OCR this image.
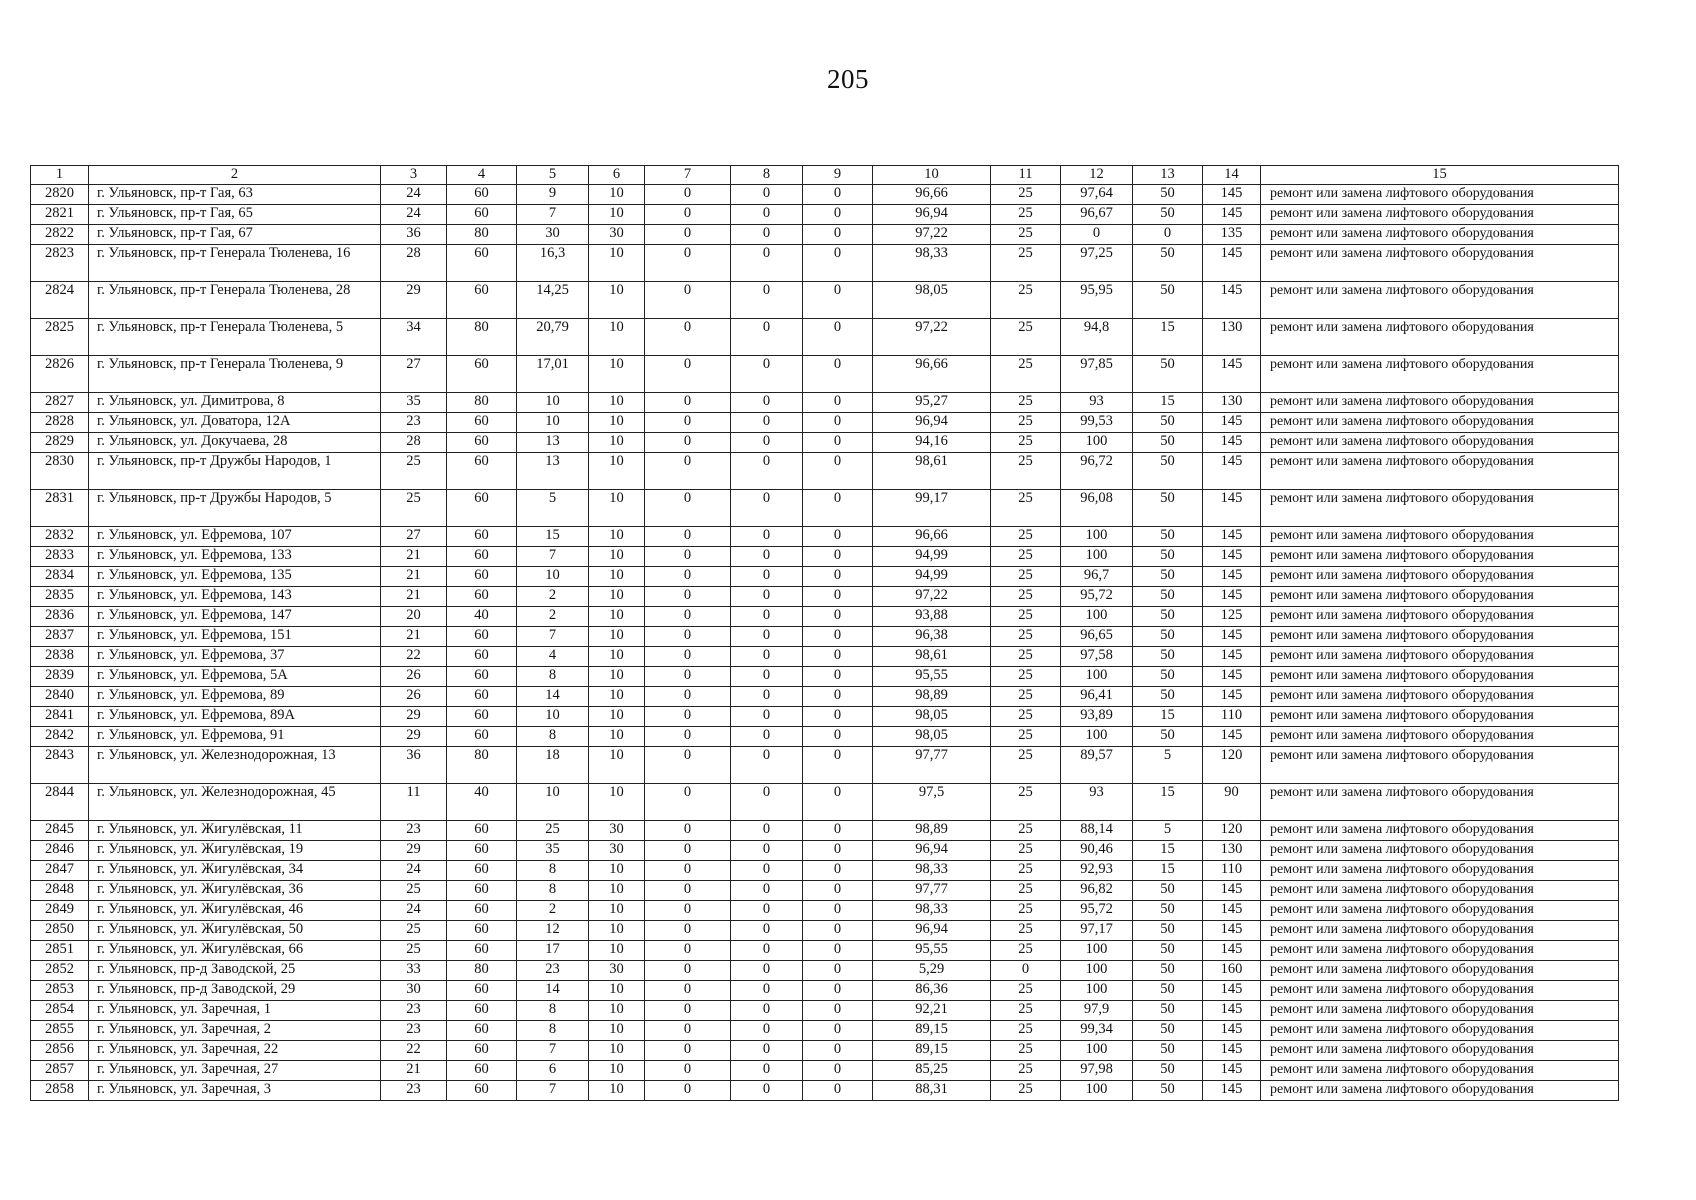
205
1	2	3	4	5	6	7	8	9	10	11	12	13	14	15
2820	г. Ульяновск, пр-т Гая, 63	24	60	9	10	0	0	0	96,66	25	97,64	50	145	ремонт или замена лифтового оборудования
2821	г. Ульяновск, пр-т Гая, 65	24	60	7	10	0	0	0	96,94	25	96,67	50	145	ремонт или замена лифтового оборудования
2822	г. Ульяновск, пр-т Гая, 67	36	80	30	30	0	0	0	97,22	25	0	0	135	ремонт или замена лифтового оборудования
2823	г. Ульяновск, пр-т Генерала Тюленева, 16	28	60	16,3	10	0	0	0	98,33	25	97,25	50	145	ремонт или замена лифтового оборудования
2824	г. Ульяновск, пр-т Генерала Тюленева, 28	29	60	14,25	10	0	0	0	98,05	25	95,95	50	145	ремонт или замена лифтового оборудования
2825	г. Ульяновск, пр-т Генерала Тюленева, 5	34	80	20,79	10	0	0	0	97,22	25	94,8	15	130	ремонт или замена лифтового оборудования
2826	г. Ульяновск, пр-т Генерала Тюленева, 9	27	60	17,01	10	0	0	0	96,66	25	97,85	50	145	ремонт или замена лифтового оборудования
2827	г. Ульяновск, ул. Димитрова, 8	35	80	10	10	0	0	0	95,27	25	93	15	130	ремонт или замена лифтового оборудования
2828	г. Ульяновск, ул. Доватора, 12А	23	60	10	10	0	0	0	96,94	25	99,53	50	145	ремонт или замена лифтового оборудования
2829	г. Ульяновск, ул. Докучаева, 28	28	60	13	10	0	0	0	94,16	25	100	50	145	ремонт или замена лифтового оборудования
2830	г. Ульяновск, пр-т Дружбы Народов, 1	25	60	13	10	0	0	0	98,61	25	96,72	50	145	ремонт или замена лифтового оборудования
2831	г. Ульяновск, пр-т Дружбы Народов, 5	25	60	5	10	0	0	0	99,17	25	96,08	50	145	ремонт или замена лифтового оборудования
2832	г. Ульяновск, ул. Ефремова, 107	27	60	15	10	0	0	0	96,66	25	100	50	145	ремонт или замена лифтового оборудования
2833	г. Ульяновск, ул. Ефремова, 133	21	60	7	10	0	0	0	94,99	25	100	50	145	ремонт или замена лифтового оборудования
2834	г. Ульяновск, ул. Ефремова, 135	21	60	10	10	0	0	0	94,99	25	96,7	50	145	ремонт или замена лифтового оборудования
2835	г. Ульяновск, ул. Ефремова, 143	21	60	2	10	0	0	0	97,22	25	95,72	50	145	ремонт или замена лифтового оборудования
2836	г. Ульяновск, ул. Ефремова, 147	20	40	2	10	0	0	0	93,88	25	100	50	125	ремонт или замена лифтового оборудования
2837	г. Ульяновск, ул. Ефремова, 151	21	60	7	10	0	0	0	96,38	25	96,65	50	145	ремонт или замена лифтового оборудования
2838	г. Ульяновск, ул. Ефремова, 37	22	60	4	10	0	0	0	98,61	25	97,58	50	145	ремонт или замена лифтового оборудования
2839	г. Ульяновск, ул. Ефремова, 5А	26	60	8	10	0	0	0	95,55	25	100	50	145	ремонт или замена лифтового оборудования
2840	г. Ульяновск, ул. Ефремова, 89	26	60	14	10	0	0	0	98,89	25	96,41	50	145	ремонт или замена лифтового оборудования
2841	г. Ульяновск, ул. Ефремова, 89А	29	60	10	10	0	0	0	98,05	25	93,89	15	110	ремонт или замена лифтового оборудования
2842	г. Ульяновск, ул. Ефремова, 91	29	60	8	10	0	0	0	98,05	25	100	50	145	ремонт или замена лифтового оборудования
2843	г. Ульяновск, ул. Железнодорожная, 13	36	80	18	10	0	0	0	97,77	25	89,57	5	120	ремонт или замена лифтового оборудования
2844	г. Ульяновск, ул. Железнодорожная, 45	11	40	10	10	0	0	0	97,5	25	93	15	90	ремонт или замена лифтового оборудования
2845	г. Ульяновск, ул. Жигулёвская, 11	23	60	25	30	0	0	0	98,89	25	88,14	5	120	ремонт или замена лифтового оборудования
2846	г. Ульяновск, ул. Жигулёвская, 19	29	60	35	30	0	0	0	96,94	25	90,46	15	130	ремонт или замена лифтового оборудования
2847	г. Ульяновск, ул. Жигулёвская, 34	24	60	8	10	0	0	0	98,33	25	92,93	15	110	ремонт или замена лифтового оборудования
2848	г. Ульяновск, ул. Жигулёвская, 36	25	60	8	10	0	0	0	97,77	25	96,82	50	145	ремонт или замена лифтового оборудования
2849	г. Ульяновск, ул. Жигулёвская, 46	24	60	2	10	0	0	0	98,33	25	95,72	50	145	ремонт или замена лифтового оборудования
2850	г. Ульяновск, ул. Жигулёвская, 50	25	60	12	10	0	0	0	96,94	25	97,17	50	145	ремонт или замена лифтового оборудования
2851	г. Ульяновск, ул. Жигулёвская, 66	25	60	17	10	0	0	0	95,55	25	100	50	145	ремонт или замена лифтового оборудования
2852	г. Ульяновск, пр-д Заводской, 25	33	80	23	30	0	0	0	5,29	0	100	50	160	ремонт или замена лифтового оборудования
2853	г. Ульяновск, пр-д Заводской, 29	30	60	14	10	0	0	0	86,36	25	100	50	145	ремонт или замена лифтового оборудования
2854	г. Ульяновск, ул. Заречная, 1	23	60	8	10	0	0	0	92,21	25	97,9	50	145	ремонт или замена лифтового оборудования
2855	г. Ульяновск, ул. Заречная, 2	23	60	8	10	0	0	0	89,15	25	99,34	50	145	ремонт или замена лифтового оборудования
2856	г. Ульяновск, ул. Заречная, 22	22	60	7	10	0	0	0	89,15	25	100	50	145	ремонт или замена лифтового оборудования
2857	г. Ульяновск, ул. Заречная, 27	21	60	6	10	0	0	0	85,25	25	97,98	50	145	ремонт или замена лифтового оборудования
2858	г. Ульяновск, ул. Заречная, 3	23	60	7	10	0	0	0	88,31	25	100	50	145	ремонт или замена лифтового оборудования
